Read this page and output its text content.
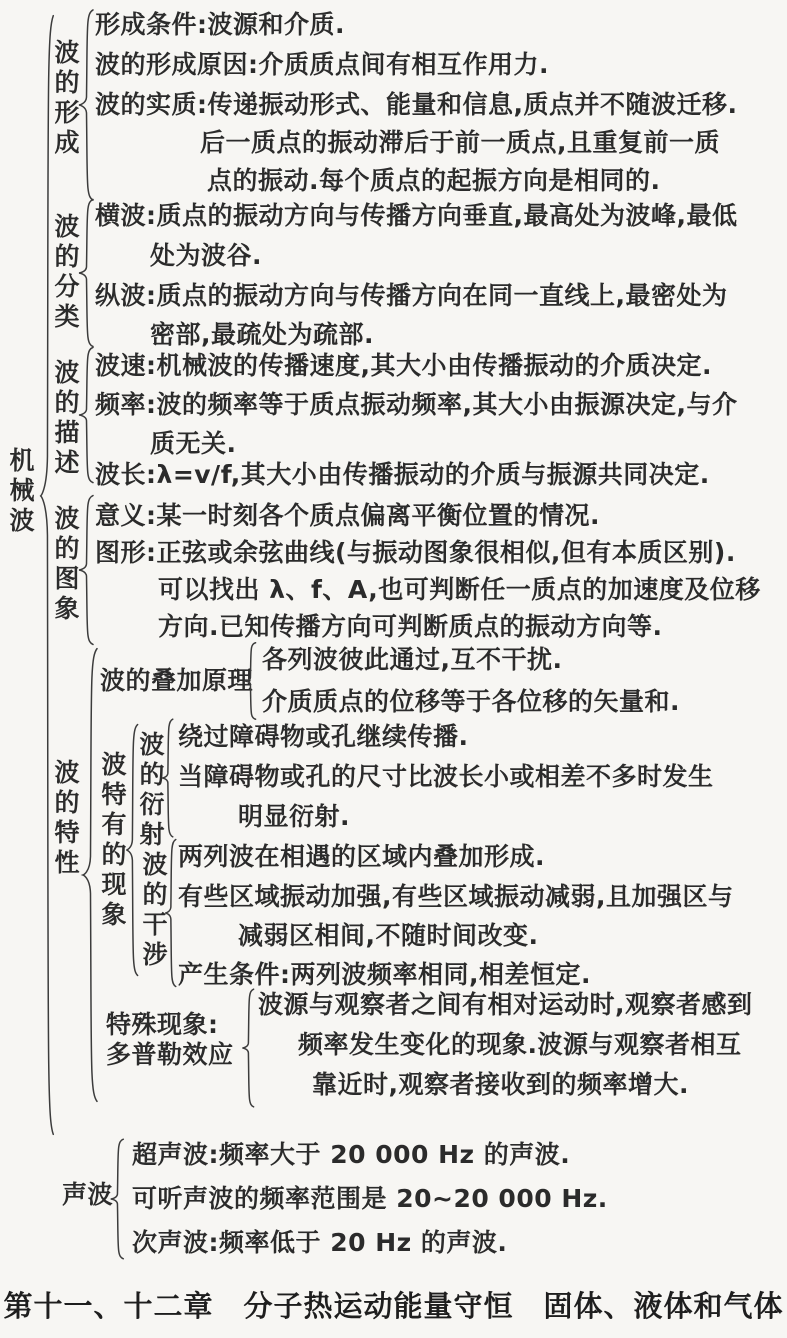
机械波
波的形成
形成条件:波源和介质.
波的形成原因:介质质点间有相互作用力.
波的实质:传递振动形式、能量和信息,质点并不随波迁移.
后一质点的振动滞后于前一质点,且重复前一质
点的振动.每个质点的起振方向是相同的.
波的分类
横波:质点的振动方向与传播方向垂直,最高处为波峰,最低
处为波谷.
纵波:质点的振动方向与传播方向在同一直线上,最密处为
密部,最疏处为疏部.
波的描述
波速:机械波的传播速度,其大小由传播振动的介质决定.
频率:波的频率等于质点振动频率,其大小由振源决定,与介
质无关.
波长:λ=v/f,其大小由传播振动的介质与振源共同决定.
波的图象
意义:某一时刻各个质点偏离平衡位置的情况.
图形:正弦或余弦曲线(与振动图象很相似,但有本质区别).
可以找出 λ、f、A,也可判断任一质点的加速度及位移
方向.已知传播方向可判断质点的振动方向等.
波的特性
波的叠加原理
各列波彼此通过,互不干扰.
介质质点的位移等于各位移的矢量和.
波特有的现象
波的衍射
绕过障碍物或孔继续传播.
当障碍物或孔的尺寸比波长小或相差不多时发生
明显衍射.
波的干涉
两列波在相遇的区域内叠加形成.
有些区域振动加强,有些区域振动减弱,且加强区与
减弱区相间,不随时间改变.
产生条件:两列波频率相同,相差恒定.
特殊现象:
多普勒效应
波源与观察者之间有相对运动时,观察者感到
频率发生变化的现象.波源与观察者相互
靠近时,观察者接收到的频率增大.
声波
超声波:频率大于 20 000 Hz 的声波.
可听声波的频率范围是 20~20 000 Hz.
次声波:频率低于 20 Hz 的声波.
第十一、十二章　分子热运动能量守恒　固体、液体和气体
